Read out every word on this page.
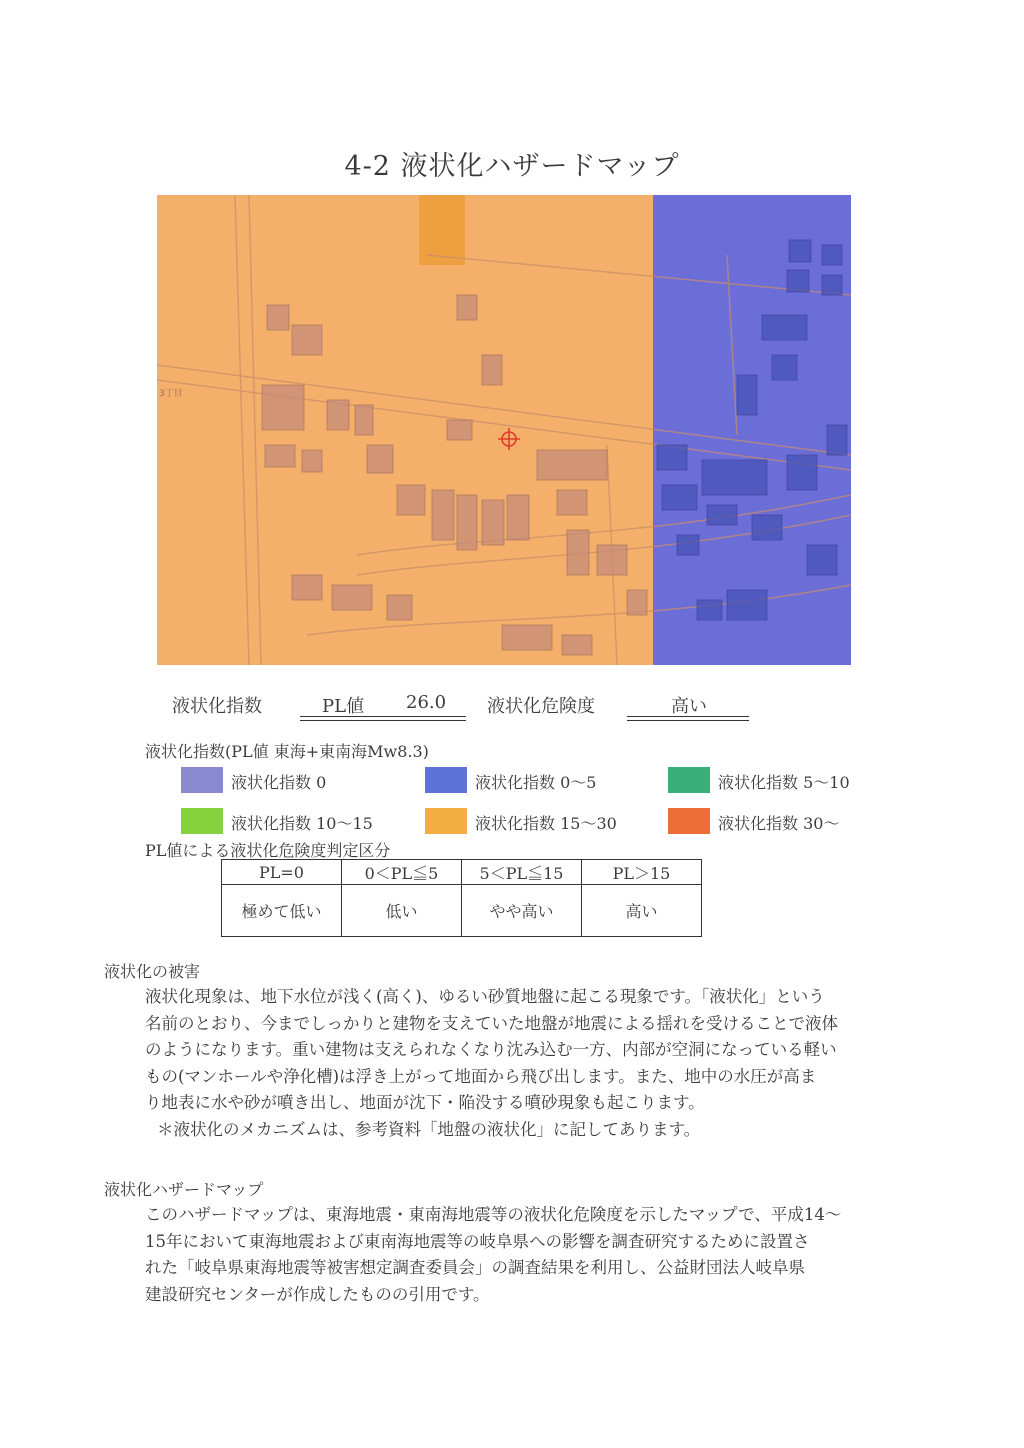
4-2 液状化ハザードマップ
3丁目
液状化指数	PL値 26.0 液状化危険度	高い
液状化指数(PL値 東海+東南海Mw8.3)
液状化指数 0	液状化指数 0～5	液状化指数 5～10
液状化指数 10～15	液状化指数 15～30	液状化指数 30～
PL値による液状化危険度判定区分
PL=0	0＜PL≦5	5＜PL≦15	PL＞15
極めて低い	低い	やや高い	高い
液状化の被害
液状化現象は、地下水位が浅く(高く)、ゆるい砂質地盤に起こる現象です。「液状化」という
名前のとおり、今までしっかりと建物を支えていた地盤が地震による揺れを受けることで液体
のようになります。重い建物は支えられなくなり沈み込む一方、内部が空洞になっている軽い
もの(マンホールや浄化槽)は浮き上がって地面から飛び出します。また、地中の水圧が高ま
り地表に水や砂が噴き出し、地面が沈下・陥没する噴砂現象も起こります。
＊液状化のメカニズムは、参考資料「地盤の液状化」に記してあります。
液状化ハザードマップ
このハザードマップは、東海地震・東南海地震等の液状化危険度を示したマップで、平成14～
15年において東海地震および東南海地震等の岐阜県への影響を調査研究するために設置さ
れた「岐阜県東海地震等被害想定調査委員会」の調査結果を利用し、公益財団法人岐阜県
建設研究センターが作成したものの引用です。
